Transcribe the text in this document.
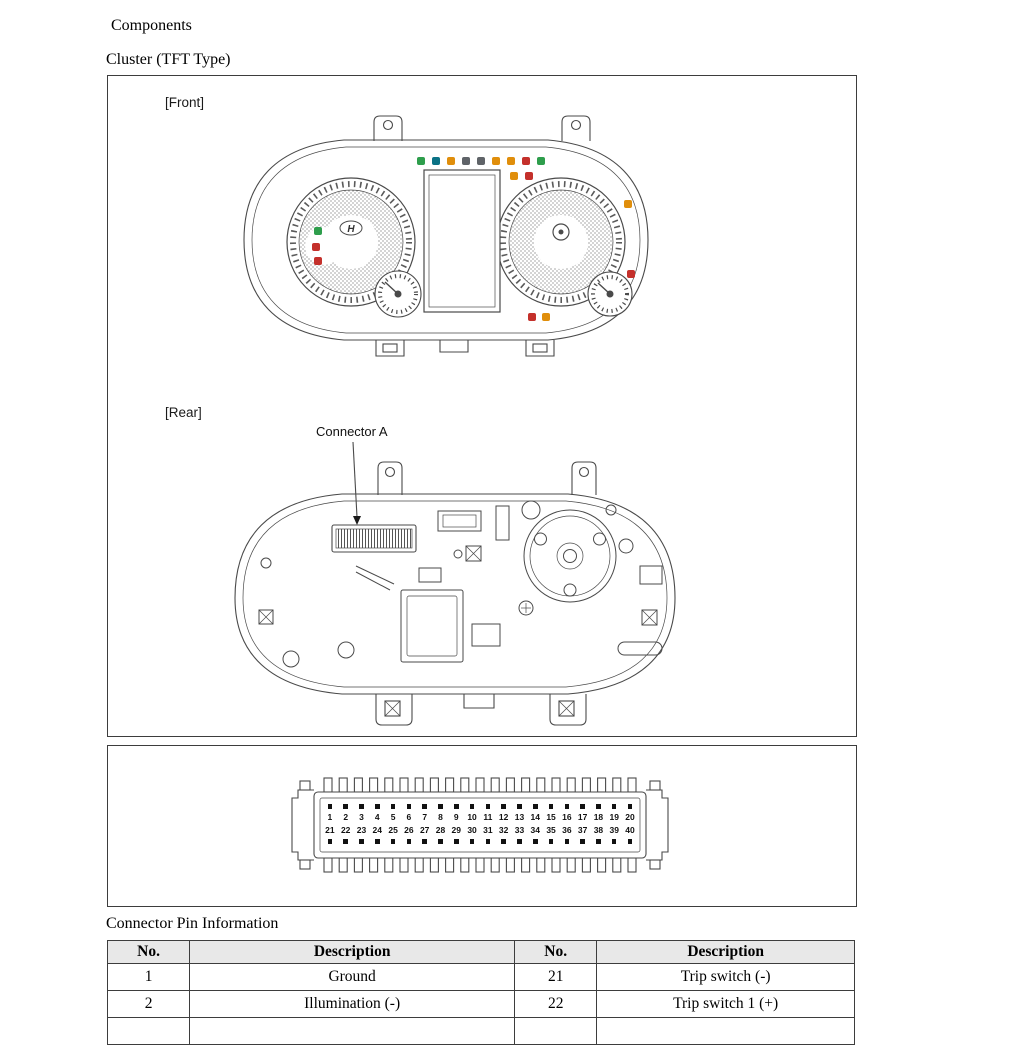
Components
Cluster (TFT Type)
[Front]
H
[Rear]
Connector A
1	2	3	4	5	6	7	8	9	10 11 12 13 14 15 16 17 18 19 20
21 22 23 24 25 26 27 28 29 30 31 32 33 34 35 36 37 38 39 40
Connector Pin Information
No.	Description	No.	Description
1	Ground	21	Trip switch (-)
2	Illumination (-)	22	Trip switch 1 (+)
